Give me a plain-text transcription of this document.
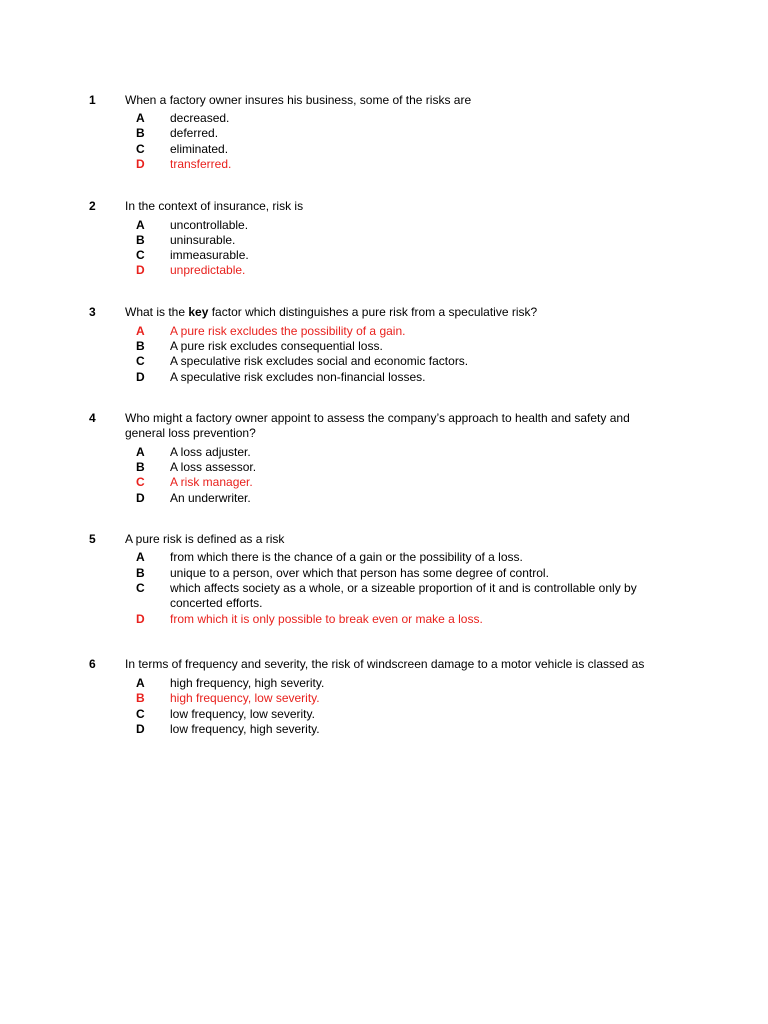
1 When a factory owner insures his business, some of the risks are
A decreased.
B deferred.
C eliminated.
D transferred.
2 In the context of insurance, risk is
A uncontrollable.
B uninsurable.
C immeasurable.
D unpredictable.
3 What is the key factor which distinguishes a pure risk from a speculative risk?
A A pure risk excludes the possibility of a gain.
B A pure risk excludes consequential loss.
C A speculative risk excludes social and economic factors.
D A speculative risk excludes non-financial losses.
4 Who might a factory owner appoint to assess the company’s approach to health and safety and general loss prevention?
A A loss adjuster.
B A loss assessor.
C A risk manager.
D An underwriter.
5 A pure risk is defined as a risk
A from which there is the chance of a gain or the possibility of a loss.
B unique to a person, over which that person has some degree of control.
C which affects society as a whole, or a sizeable proportion of it and is controllable only by concerted efforts.
D from which it is only possible to break even or make a loss.
6 In terms of frequency and severity, the risk of windscreen damage to a motor vehicle is classed as
A high frequency, high severity.
B high frequency, low severity.
C low frequency, low severity.
D low frequency, high severity.
